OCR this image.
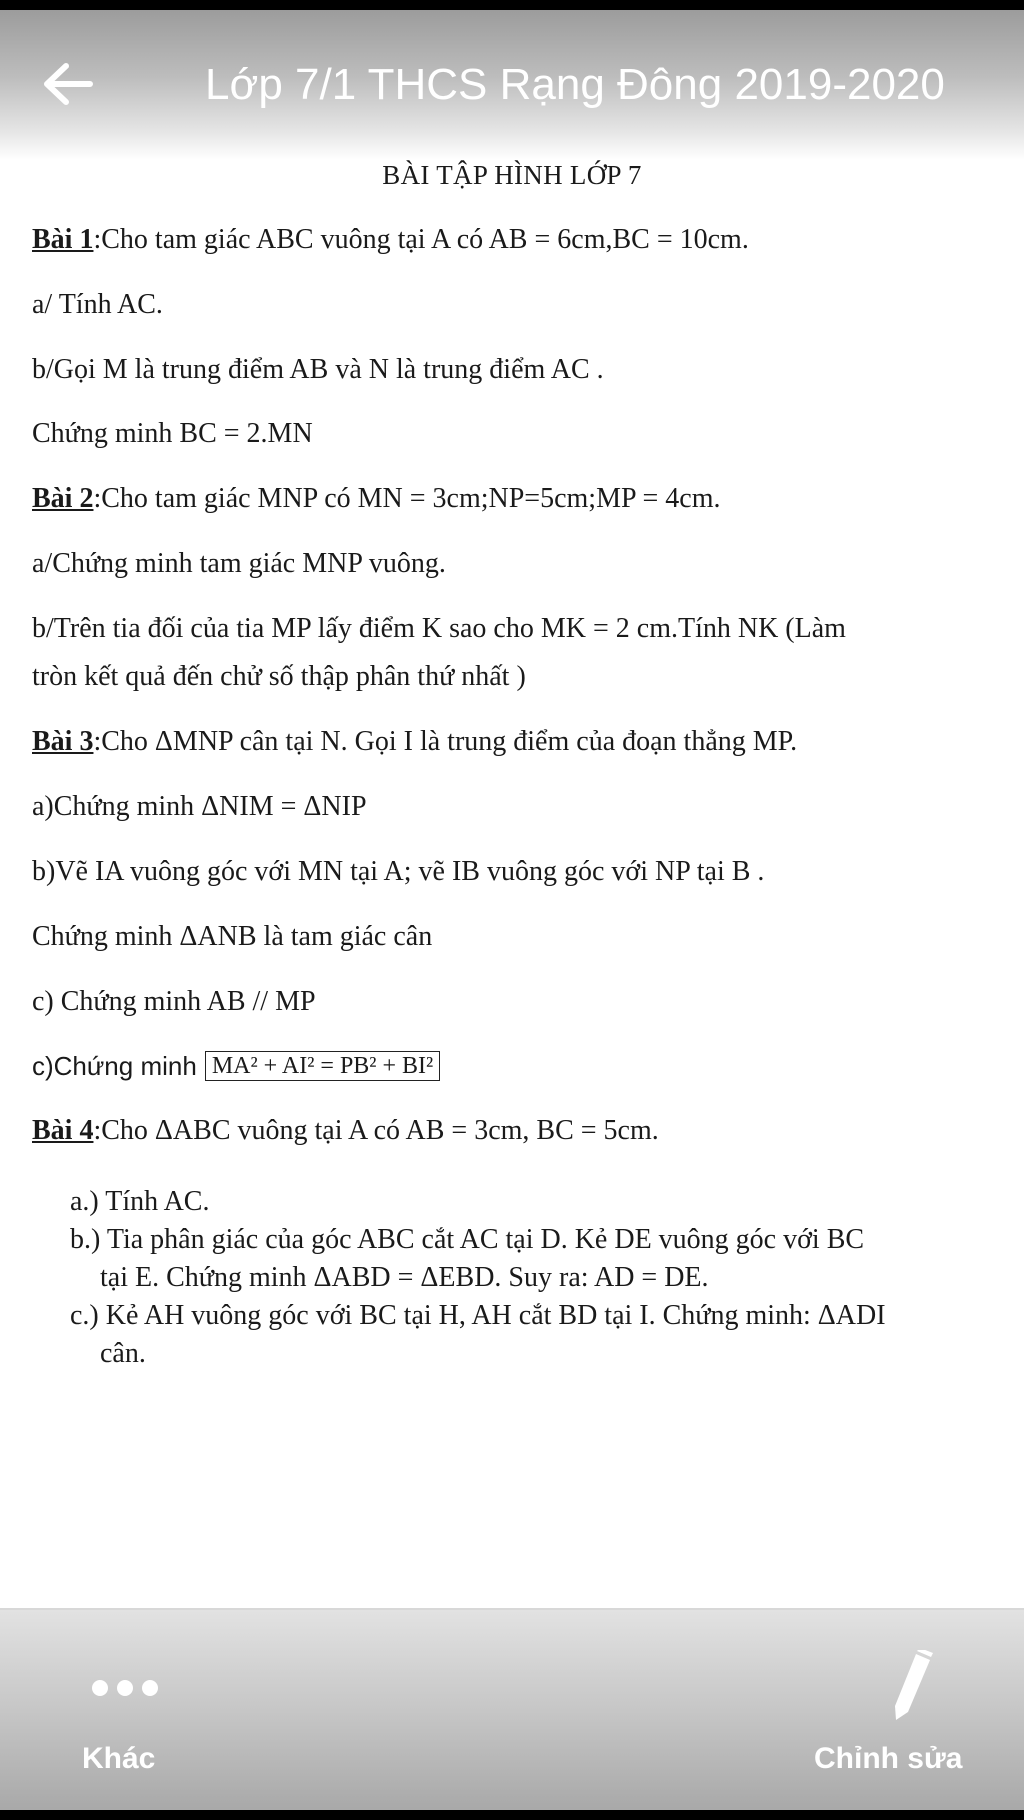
Lớp 7/1 THCS Rạng Đông 2019-2020
BÀI TẬP HÌNH LỚP 7
Bài 1:Cho tam giác ABC vuông tại A có AB = 6cm,BC = 10cm.
a/ Tính AC.
b/Gọi M là trung điểm AB và N là trung điểm AC .
Chứng minh BC = 2.MN
Bài 2:Cho tam giác MNP có MN = 3cm;NP=5cm;MP = 4cm.
a/Chứng minh tam giác MNP vuông.
b/Trên tia đối của tia MP lấy điểm K sao cho MK = 2 cm.Tính NK (Làm
tròn kết quả đến chử số thập phân thứ nhất )
Bài 3:Cho ΔMNP cân tại N. Gọi I là trung điểm của đoạn thẳng MP.
a)Chứng minh ΔNIM = ΔNIP
b)Vẽ IA vuông góc với MN tại A; vẽ IB vuông góc với NP tại B .
Chứng minh ΔANB là tam giác cân
c) Chứng minh AB // MP
c)Chứng minh MA² + AI² = PB² + BI²
Bài 4:Cho ΔABC vuông tại A có AB = 3cm, BC = 5cm.
a.) Tính AC.
b.) Tia phân giác của góc ABC cắt AC tại D. Kẻ DE vuông góc với BC
tại E. Chứng minh ΔABD = ΔEBD. Suy ra: AD = DE.
c.) Kẻ AH vuông góc với BC tại H, AH cắt BD tại I. Chứng minh: ΔADI
cân.
Khác	Chỉnh sửa
